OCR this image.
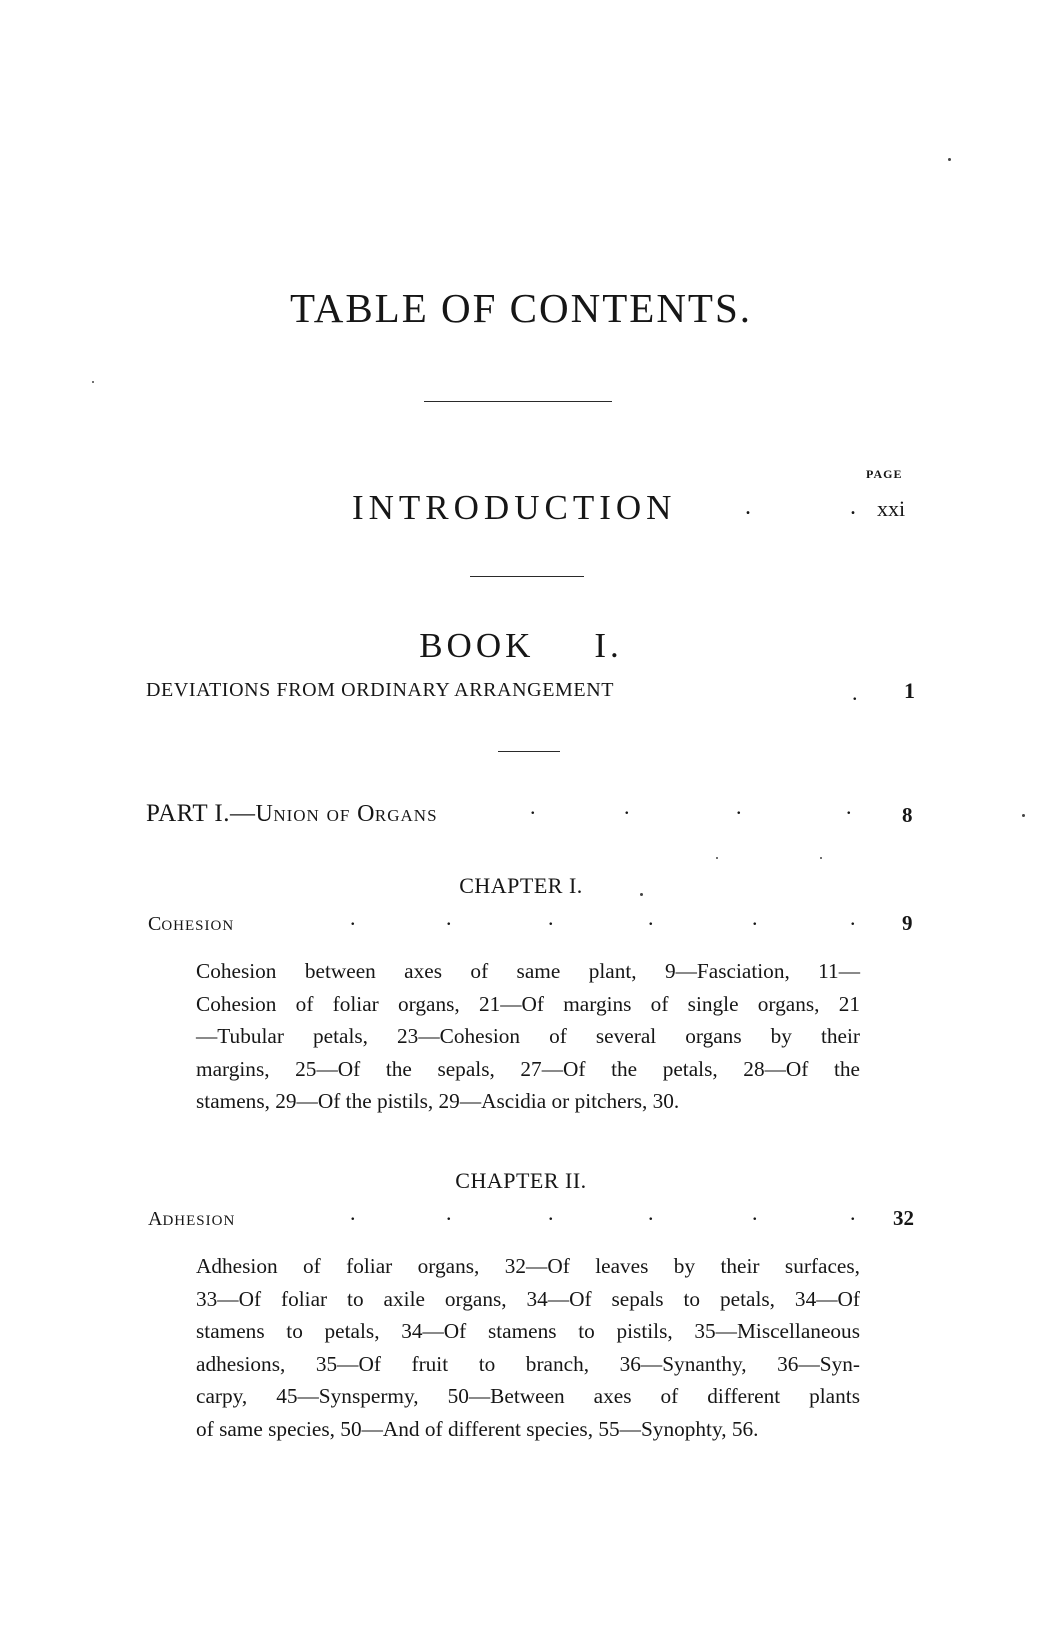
TABLE OF CONTENTS.
PAGE
INTRODUCTION	.	. xxi
BOOK I.
DEVIATIONS FROM ORDINARY ARRANGEMENT	. 1
PART I.—UNION OF ORGANS	.	.	.	. 8
CHAPTER I.
COHESION	.	.	.	.	.	. 9
Cohesion between axes of same plant, 9—Fasciation, 11—
Cohesion of foliar organs, 21—Of margins of single organs, 21
—Tubular petals, 23—Cohesion of several organs by their
margins, 25—Of the sepals, 27—Of the petals, 28—Of the
stamens, 29—Of the pistils, 29—Ascidia or pitchers, 30.
CHAPTER II.
ADHESION	.	.	.	.	.	. 32
Adhesion of foliar organs, 32—Of leaves by their surfaces,
33—Of foliar to axile organs, 34—Of sepals to petals, 34—Of
stamens to petals, 34—Of stamens to pistils, 35—Miscellaneous
adhesions, 35—Of fruit to branch, 36—Synanthy, 36—Syn-
carpy, 45—Synspermy, 50—Between axes of different plants
of same species, 50—And of different species, 55—Synophty, 56.
